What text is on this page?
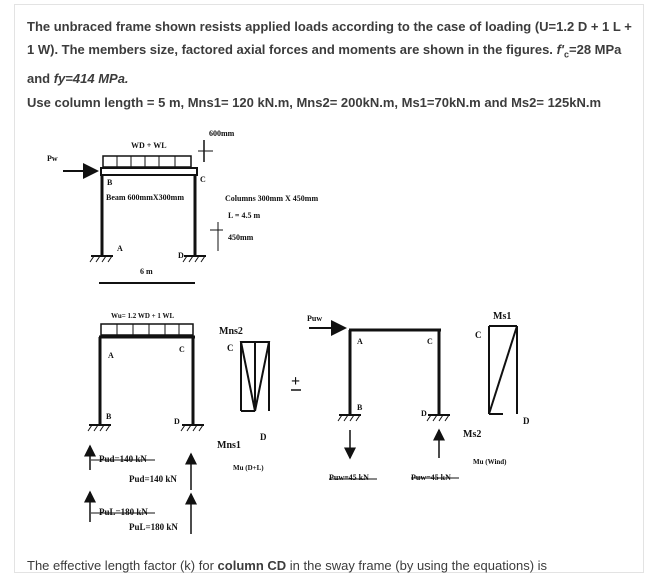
The unbraced frame shown resists applied loads according to the case of loading (U=1.2 D + 1 L + 1 W). The members size, factored axial forces and moments are shown in the figures. $f'_c=28$ MPa and fy=414 MPa.
Use column length = 5 m, Mns1= 120 kN.m, Mns2= 200kN.m, Ms1=70kN.m and Ms2= 125kN.m
Pw
WD + WL
600mm
B	C
Beam 600mmX300mm	Columns 300mm X 450mm
L = 4.5 m
450mm
A
D
6 m
Wu= 1.2 WD + 1 WL
A
C
B
D
Pud=140 kN
Pud=140 kN
PuL=180 kN
PuL=180 kN
Mns2
C
D
Mns1
Mu (D+L)
+
Puw
A	C
B
D
Puw=45 kN	Puw=45 kN
Ms1
C
D
Ms2
Mu (Wind)
The effective length factor (k) for column CD in the sway frame (by using the equations) is
